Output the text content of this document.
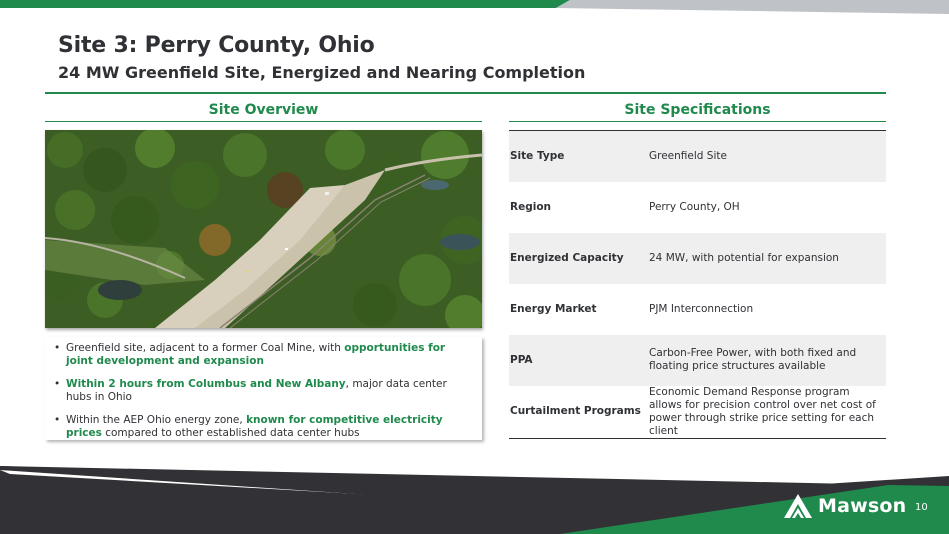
Site 3: Perry County, Ohio
24 MW Greenfield Site, Energized and Nearing Completion
Site Overview	Site Specifications
• Greenfield site, adjacent to a former Coal Mine, with opportunities for joint development and expansion
• Within 2 hours from Columbus and New Albany, major data center hubs in Ohio
• Within the AEP Ohio energy zone, known for competitive electricity prices compared to other established data center hubs
Site Type	Greenfield Site
Region	Perry County, OH
Energized Capacity	24 MW, with potential for expansion
Energy Market	PJM Interconnection
PPA	Carbon-Free Power, with both fixed and floating price structures available
Curtailment Programs	Economic Demand Response program allows for precision control over net cost of power through strike price setting for each client
Mawson 10
